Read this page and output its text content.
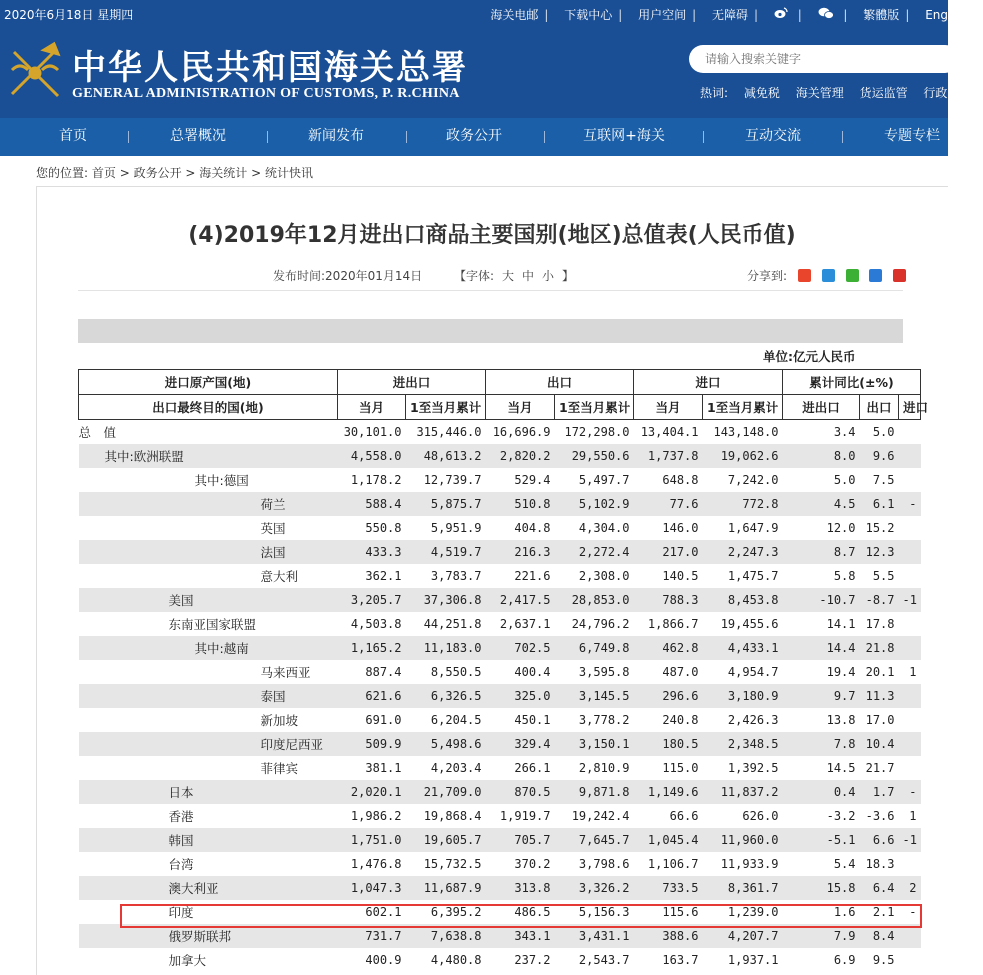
2020年6月18日 星期四	海关电邮 | 下载中心 | 用户空间 | 无障碍 |	|	| 繁體版 | Eng
中华人民共和国海关总署
GENERAL ADMINISTRATION OF CUSTOMS, P. R.CHINA
请输入搜索关键字	热词: 减免税 海关管理 货运监管 行政监管
首页	总署概况	新闻发布	政务公开	互联网+海关	互动交流	专题专栏
您的位置: 首页 > 政务公开 > 海关统计 > 统计快讯
(4)2019年12月进出口商品主要国别(地区)总值表(人民币值)
发布时间:2020年01月14日	【字体: 大 中 小 】	分享到:
单位:亿元人民币									
进口原产国(地)	进出口		出口		进口		累计同比(±%)		
出口最终目的国(地)	当月	1至当月累计	当月	1至当月累计	当月	1至当月累计	进出口	出口	进口
总　值	30,101.0	315,446.0	16,696.9	172,298.0	13,404.1	143,148.0	3.4	5.0	
其中:欧洲联盟	4,558.0	48,613.2	2,820.2	29,550.6	1,737.8	19,062.6	8.0	9.6	
其中:德国	1,178.2	12,739.7	529.4	5,497.7	648.8	7,242.0	5.0	7.5	
荷兰	588.4	5,875.7	510.8	5,102.9	77.6	772.8	4.5	6.1	-
英国	550.8	5,951.9	404.8	4,304.0	146.0	1,647.9	12.0	15.2	
法国	433.3	4,519.7	216.3	2,272.4	217.0	2,247.3	8.7	12.3	
意大利	362.1	3,783.7	221.6	2,308.0	140.5	1,475.7	5.8	5.5	
美国	3,205.7	37,306.8	2,417.5	28,853.0	788.3	8,453.8	-10.7	-8.7	-1
东南亚国家联盟	4,503.8	44,251.8	2,637.1	24,796.2	1,866.7	19,455.6	14.1	17.8	
其中:越南	1,165.2	11,183.0	702.5	6,749.8	462.8	4,433.1	14.4	21.8	
马来西亚	887.4	8,550.5	400.4	3,595.8	487.0	4,954.7	19.4	20.1	1
泰国	621.6	6,326.5	325.0	3,145.5	296.6	3,180.9	9.7	11.3	
新加坡	691.0	6,204.5	450.1	3,778.2	240.8	2,426.3	13.8	17.0	
印度尼西亚	509.9	5,498.6	329.4	3,150.1	180.5	2,348.5	7.8	10.4	
菲律宾	381.1	4,203.4	266.1	2,810.9	115.0	1,392.5	14.5	21.7	
日本	2,020.1	21,709.0	870.5	9,871.8	1,149.6	11,837.2	0.4	1.7	-
香港	1,986.2	19,868.4	1,919.7	19,242.4	66.6	626.0	-3.2	-3.6	1
韩国	1,751.0	19,605.7	705.7	7,645.7	1,045.4	11,960.0	-5.1	6.6	-1
台湾	1,476.8	15,732.5	370.2	3,798.6	1,106.7	11,933.9	5.4	18.3	
澳大利亚	1,047.3	11,687.9	313.8	3,326.2	733.5	8,361.7	15.8	6.4	2
印度	602.1	6,395.2	486.5	5,156.3	115.6	1,239.0	1.6	2.1	-
俄罗斯联邦	731.7	7,638.8	343.1	3,431.1	388.6	4,207.7	7.9	8.4	
加拿大	400.9	4,480.8	237.2	2,543.7	163.7	1,937.1	6.9	9.5	
